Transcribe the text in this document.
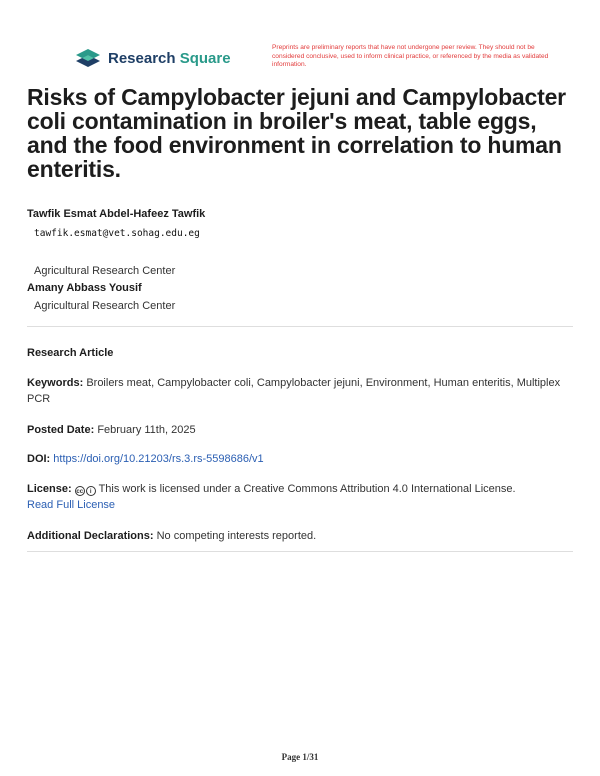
Research Square
Preprints are preliminary reports that have not undergone peer review. They should not be considered conclusive, used to inform clinical practice, or referenced by the media as validated information.
Risks of Campylobacter jejuni and Campylobacter coli contamination in broiler's meat, table eggs, and the food environment in correlation to human enteritis.
Tawfik Esmat Abdel-Hafeez Tawfik
tawfik.esmat@vet.sohag.edu.eg
Agricultural Research Center
Amany Abbass Yousif
Agricultural Research Center
Research Article
Keywords: Broilers meat, Campylobacter coli, Campylobacter jejuni, Environment, Human enteritis, Multiplex PCR
Posted Date: February 11th, 2025
DOI: https://doi.org/10.21203/rs.3.rs-5598686/v1
License: cc i This work is licensed under a Creative Commons Attribution 4.0 International License.
Read Full License
Additional Declarations: No competing interests reported.
Page 1/31
